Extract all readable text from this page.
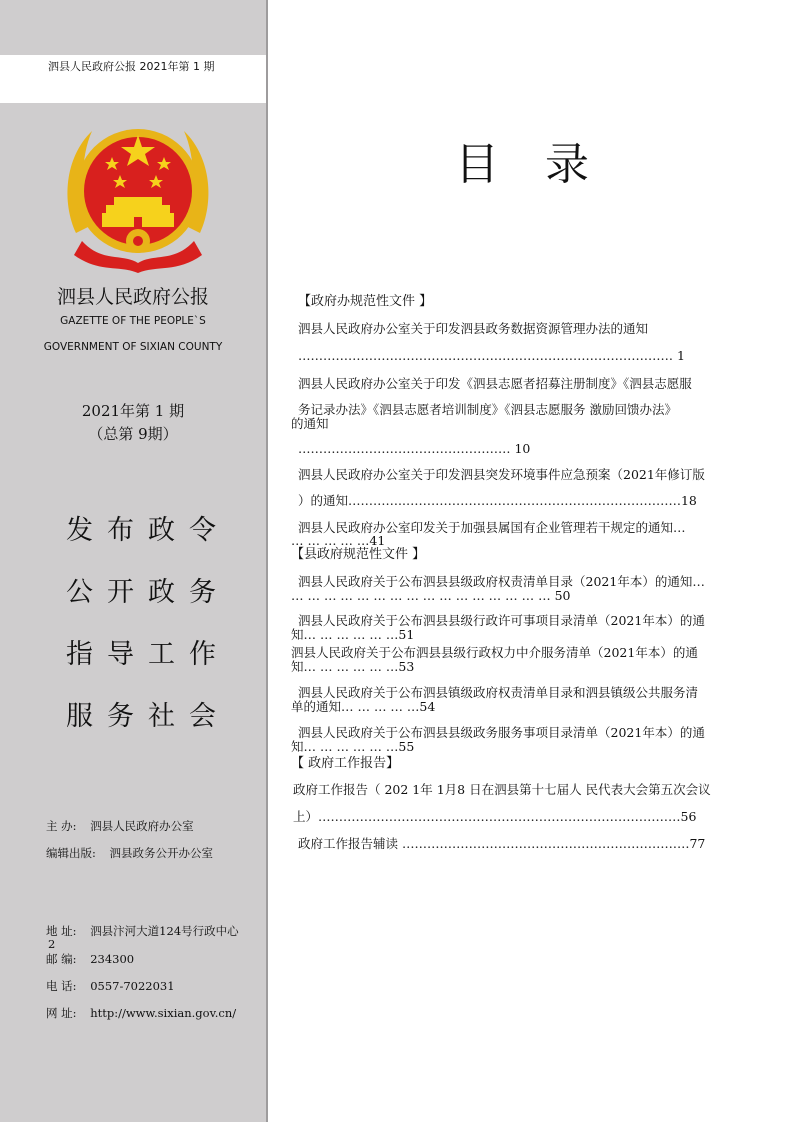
泗县人民政府公报 2021年第 1 期
泗县人民政府公报
GAZETTE OF THE PEOPLE`S
GOVERNMENT OF SIXIAN COUNTY
2021年第 1 期
（总第 9期）
发布政令
公开政务
指导工作
服务社会
主 办: 泗县人民政府办公室
编辑出版: 泗县政务公开办公室
地 址: 泗县汴河大道124号行政中心
2
邮 编: 234300
电 话: 0557-7022031
网 址: http://www.sixian.gov.cn/
目录
【政府办规范性文件 】
泗县人民政府办公室关于印发泗县政务数据资源管理办法的通知
……………………………………………………………………………… 1
泗县人民政府办公室关于印发《泗县志愿者招募注册制度》《泗县志愿服
务记录办法》《泗县志愿者培训制度》《泗县志愿服务 激励回馈办法》
的通知
…………………………………………… 10
泗县人民政府办公室关于印发泗县突发环境事件应急预案（2021年修订版
）的通知…………..…………………………………………………………18
泗县人民政府办公室印发关于加强县属国有企业管理若干规定的通知…
… … … … …41
【县政府规范性文件 】
泗县人民政府关于公布泗县县级政府权责清单目录（2021年本）的通知…
… … … … … … … … … … … … … … … … 50
泗县人民政府关于公布泗县县级行政许可事项目录清单（2021年本）的通
知… … … … … …51
泗县人民政府关于公布泗县县级行政权力中介服务清单（2021年本）的通
知… … … … … …53
泗县人民政府关于公布泗县镇级政府权责清单目录和泗县镇级公共服务清
单的通知… … … … …54
泗县人民政府关于公布泗县县级政务服务事项目录清单（2021年本）的通
知… … … … … …55
【 政府工作报告】
政府工作报告（ 202 1年 1月8 日在泗县第十七届人 民代表大会第五次会议
上）……………………………………………………………………………56
政府工作报告辅读 ……………………………………………………………77
